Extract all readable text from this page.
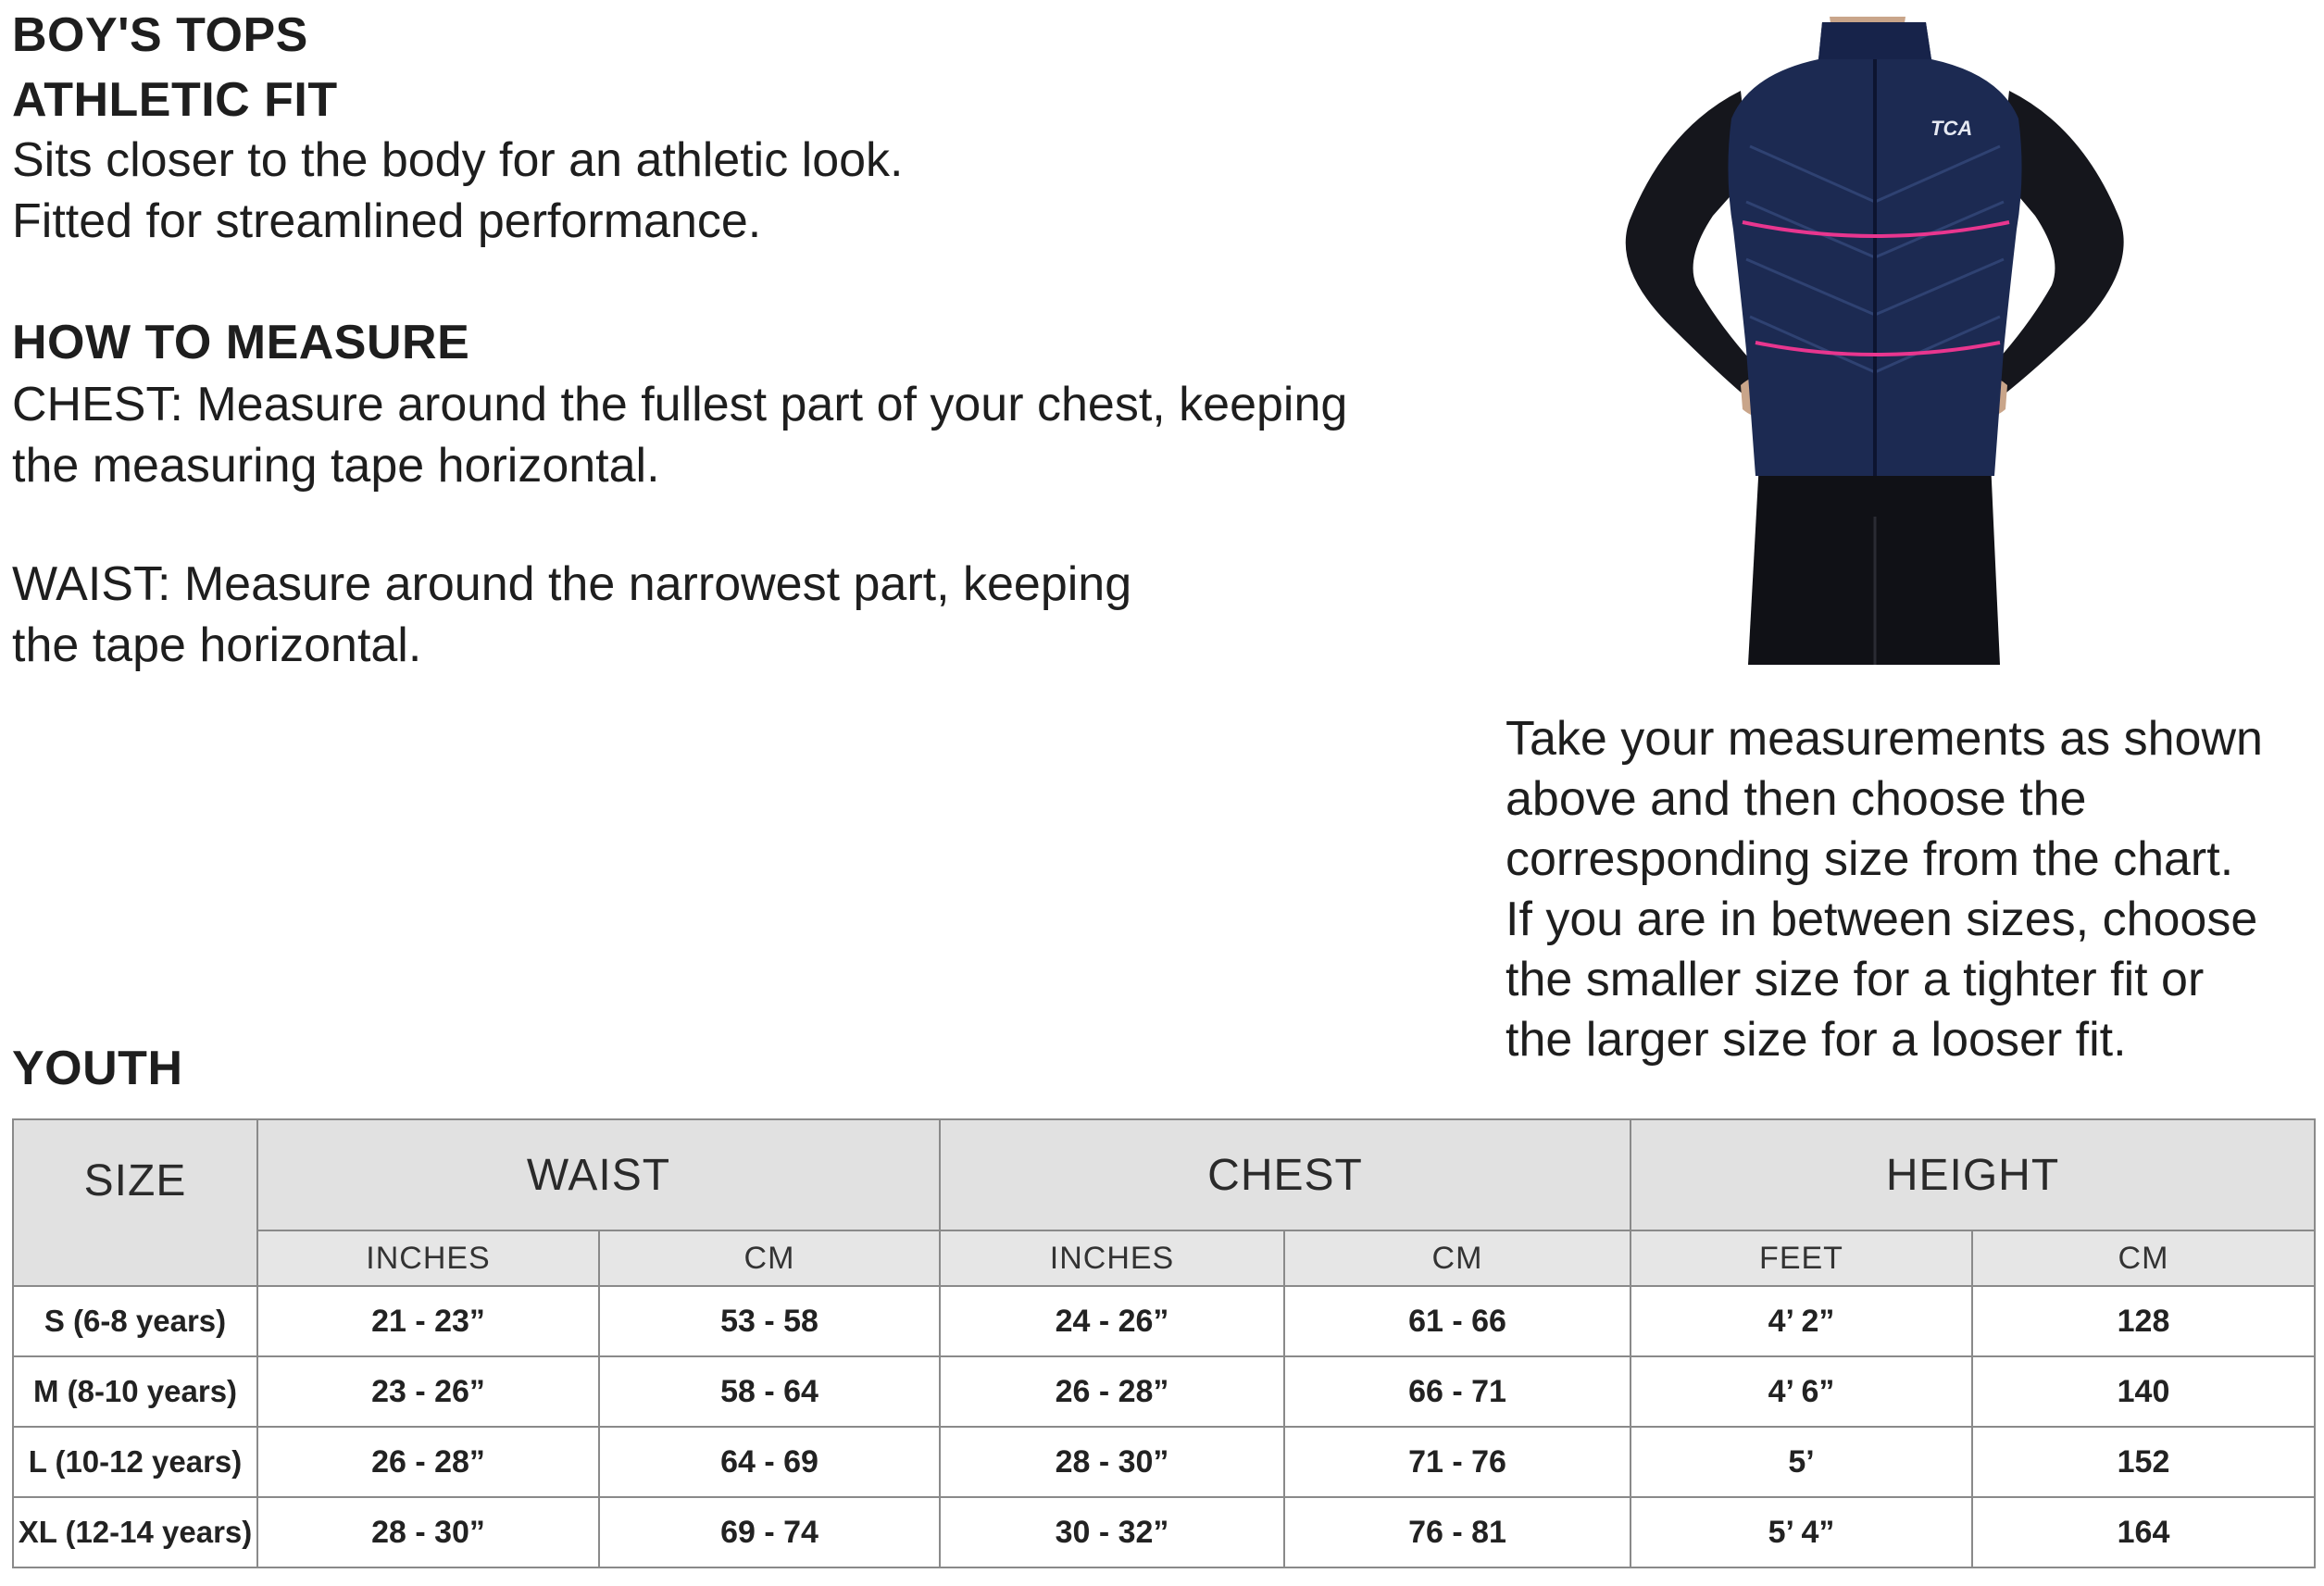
BOY'S TOPS
ATHLETIC FIT
Sits closer to the body for an athletic look.
Fitted for streamlined performance.
HOW TO MEASURE
CHEST: Measure around the fullest part of your chest, keeping
the measuring tape horizontal.
WAIST: Measure around the narrowest part, keeping
the tape horizontal.
TCA
Take your measurements as shown
above and then choose the
corresponding size from the chart.
If you are in between sizes, choose
the smaller size for a tighter fit or
the larger size for a looser fit.
YOUTH
SIZE	WAIST		CHEST		HEIGHT	
	INCHES	CM	INCHES	CM	FEET	CM
S (6-8 years)	21 - 23”	53 - 58	24 - 26”	61 - 66	4’ 2”	128
M (8-10 years)	23 - 26”	58 - 64	26 - 28”	66 - 71	4’ 6”	140
L (10-12 years)	26 - 28”	64 - 69	28 - 30”	71 - 76	5’	152
XL (12-14 years)	28 - 30”	69 - 74	30 - 32”	76 - 81	5’ 4”	164
